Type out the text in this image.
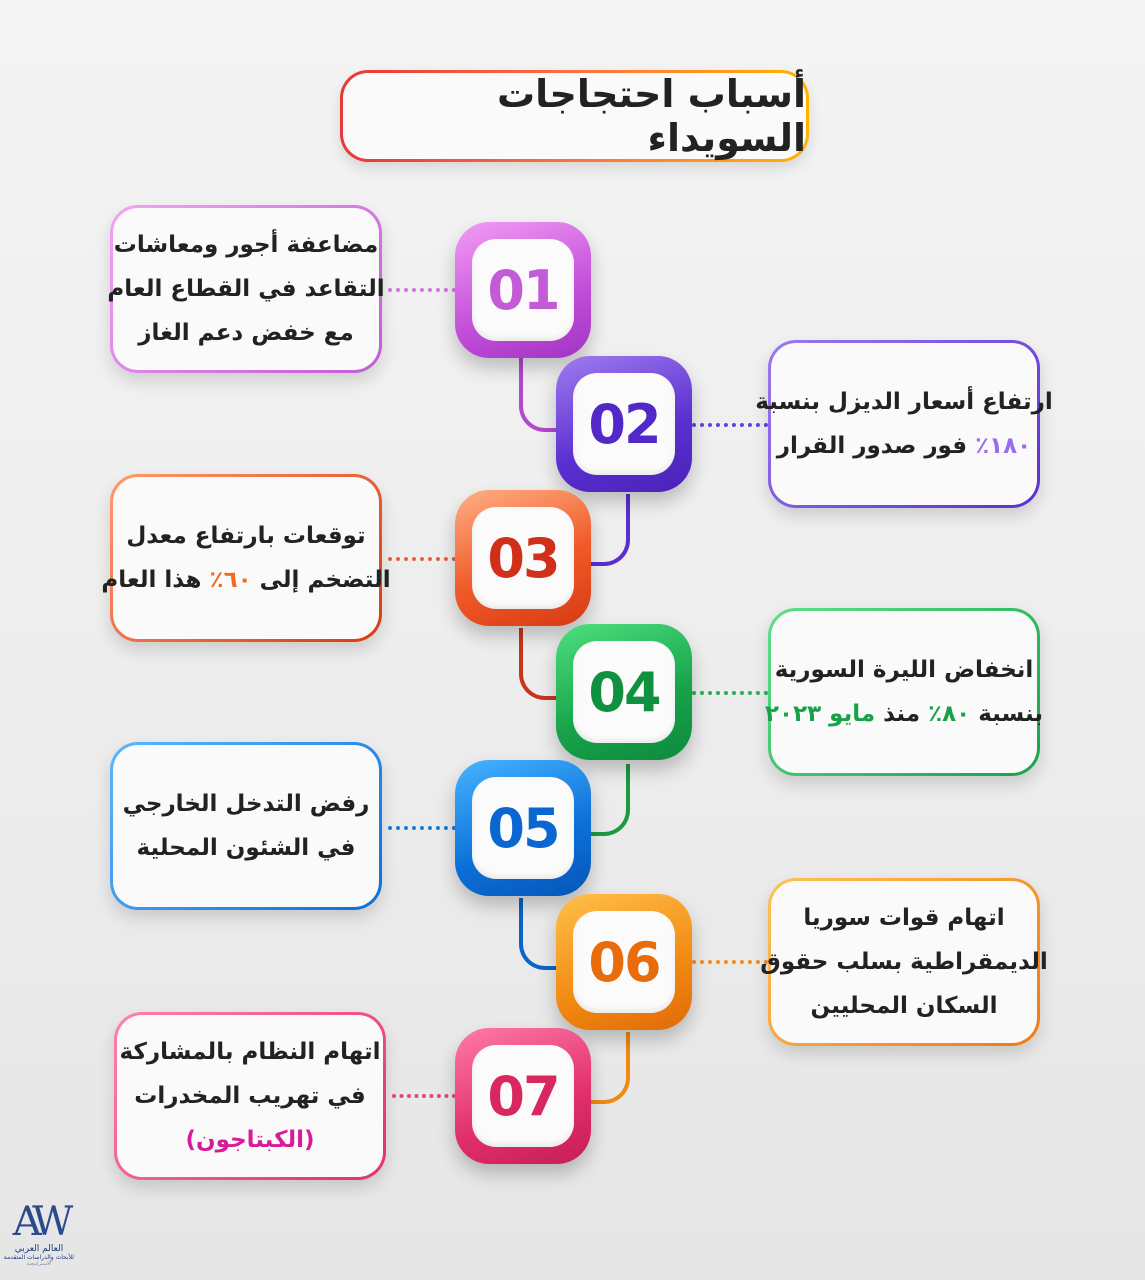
أسباب احتجاجات السويداء
01
02
03
04
05
06
07
مضاعفة أجور ومعاشات
التقاعد في القطاع العام
مع خفض دعم الغاز
ارتفاع أسعار الديزل بنسبة
١٨٠٪ فور صدور القرار
توقعات بارتفاع معدل
التضخم إلى ٦٠٪ هذا العام
انخفاض الليرة السورية
بنسبة ٨٠٪ منذ مايو ٢٠٢٣
رفض التدخل الخارجي
في الشئون المحلية
اتهام قوات سوريا
الديمقراطية بسلب حقوق
السكان المحليين
اتهام النظام بالمشاركة
في تهريب المخدرات
(الكبتاجون)
AW
العالم العربي
للأبحاث والدراسات المتقدمة
الاستراتيجية
